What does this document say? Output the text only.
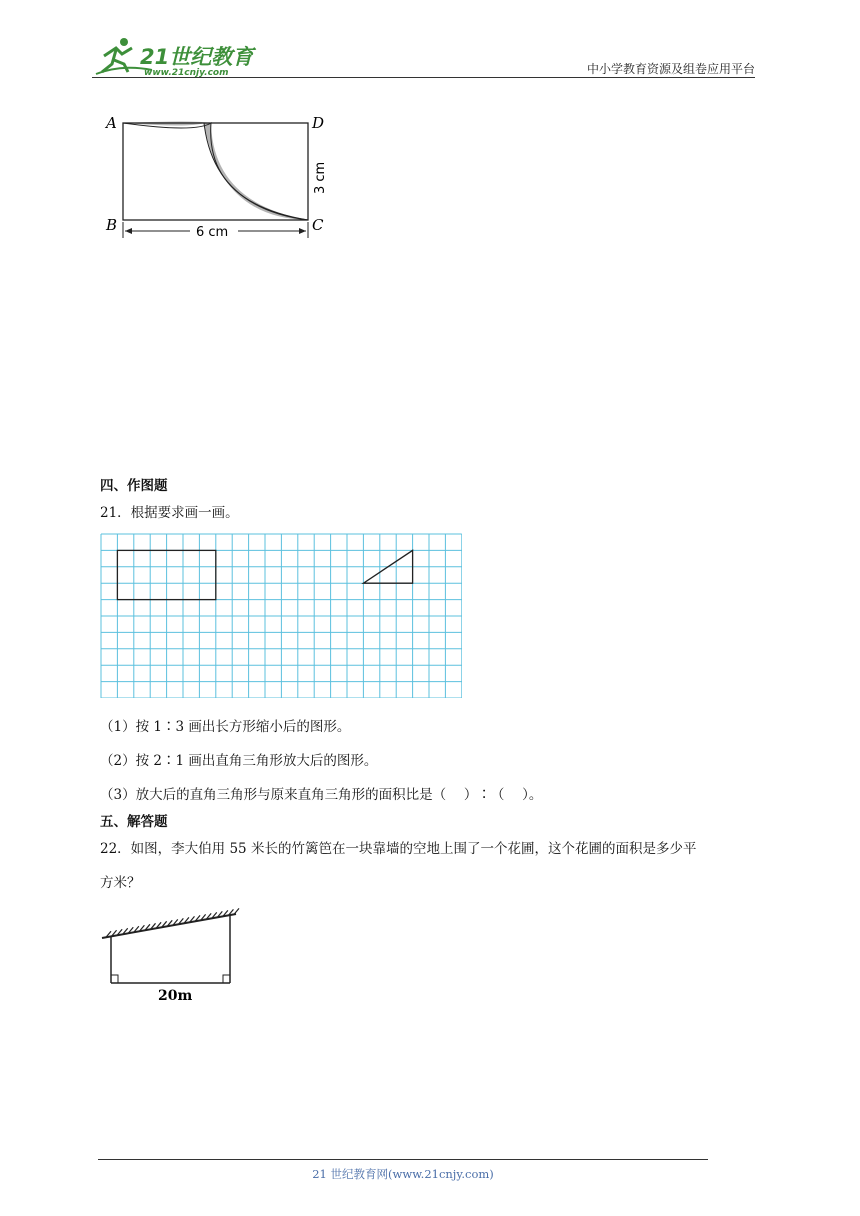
21世纪教育
www.21cnjy.com	中小学教育资源及组卷应用平台
A	D
B	C
6 cm
3 cm
四、作图题
21．根据要求画一画。
（1）按 1∶3 画出长方形缩小后的图形。
（2）按 2∶1 画出直角三角形放大后的图形。
（3）放大后的直角三角形与原来直角三角形的面积比是（　 ）∶（　 ）。
五、解答题
22．如图，李大伯用 55 米长的竹篱笆在一块靠墙的空地上围了一个花圃，这个花圃的面积是多少平
方米？
20m
21 世纪教育网(www.21cnjy.com)
